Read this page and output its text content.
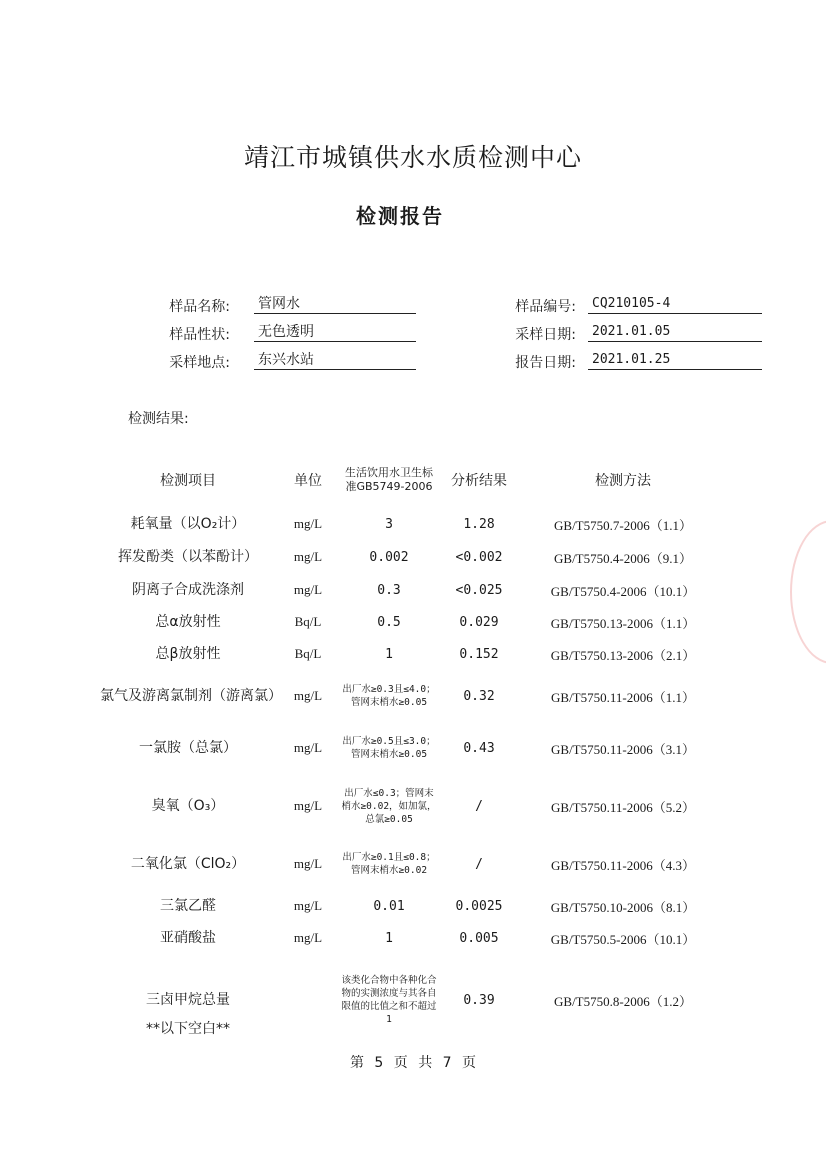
靖江市城镇供水水质检测中心
检测报告
样品名称: 管网水	样品编号:	CQ210105-4
样品性状: 无色透明	采样日期:	2021.01.05
采样地点: 东兴水站	报告日期:	2021.01.25
检测结果:
检测项目	单位	生活饮用水卫生标准GB5749-2006	分析结果	检测方法
耗氧量（以O₂计）	mg/L	3	1.28	GB/T5750.7-2006（1.1）
挥发酚类（以苯酚计）	mg/L	0.002	<0.002	GB/T5750.4-2006（9.1）
阴离子合成洗涤剂	mg/L	0.3	<0.025	GB/T5750.4-2006（10.1）
总α放射性	Bq/L	0.5	0.029	GB/T5750.13-2006（1.1）
总β放射性	Bq/L	1	0.152	GB/T5750.13-2006（2.1）
氯气及游离氯制剂（游离氯）	mg/L	出厂水≥0.3且≤4.0；管网末梢水≥0.05	0.32	GB/T5750.11-2006（1.1）
一氯胺（总氯）	mg/L	出厂水≥0.5且≤3.0；管网末梢水≥0.05	0.43	GB/T5750.11-2006（3.1）
臭氧（O₃）	mg/L	出厂水≤0.3；管网末梢水≥0.02，如加氯，总氯≥0.05	/	GB/T5750.11-2006（5.2）
二氧化氯（ClO₂）	mg/L	出厂水≥0.1且≤0.8；管网末梢水≥0.02	/	GB/T5750.11-2006（4.3）
三氯乙醛	mg/L	0.01	0.0025	GB/T5750.10-2006（8.1）
亚硝酸盐	mg/L	1	0.005	GB/T5750.5-2006（10.1）
三卤甲烷总量		该类化合物中各种化合物的实测浓度与其各自限值的比值之和不超过1	0.39	GB/T5750.8-2006（1.2）
**以下空白**
第 5 页 共 7 页
